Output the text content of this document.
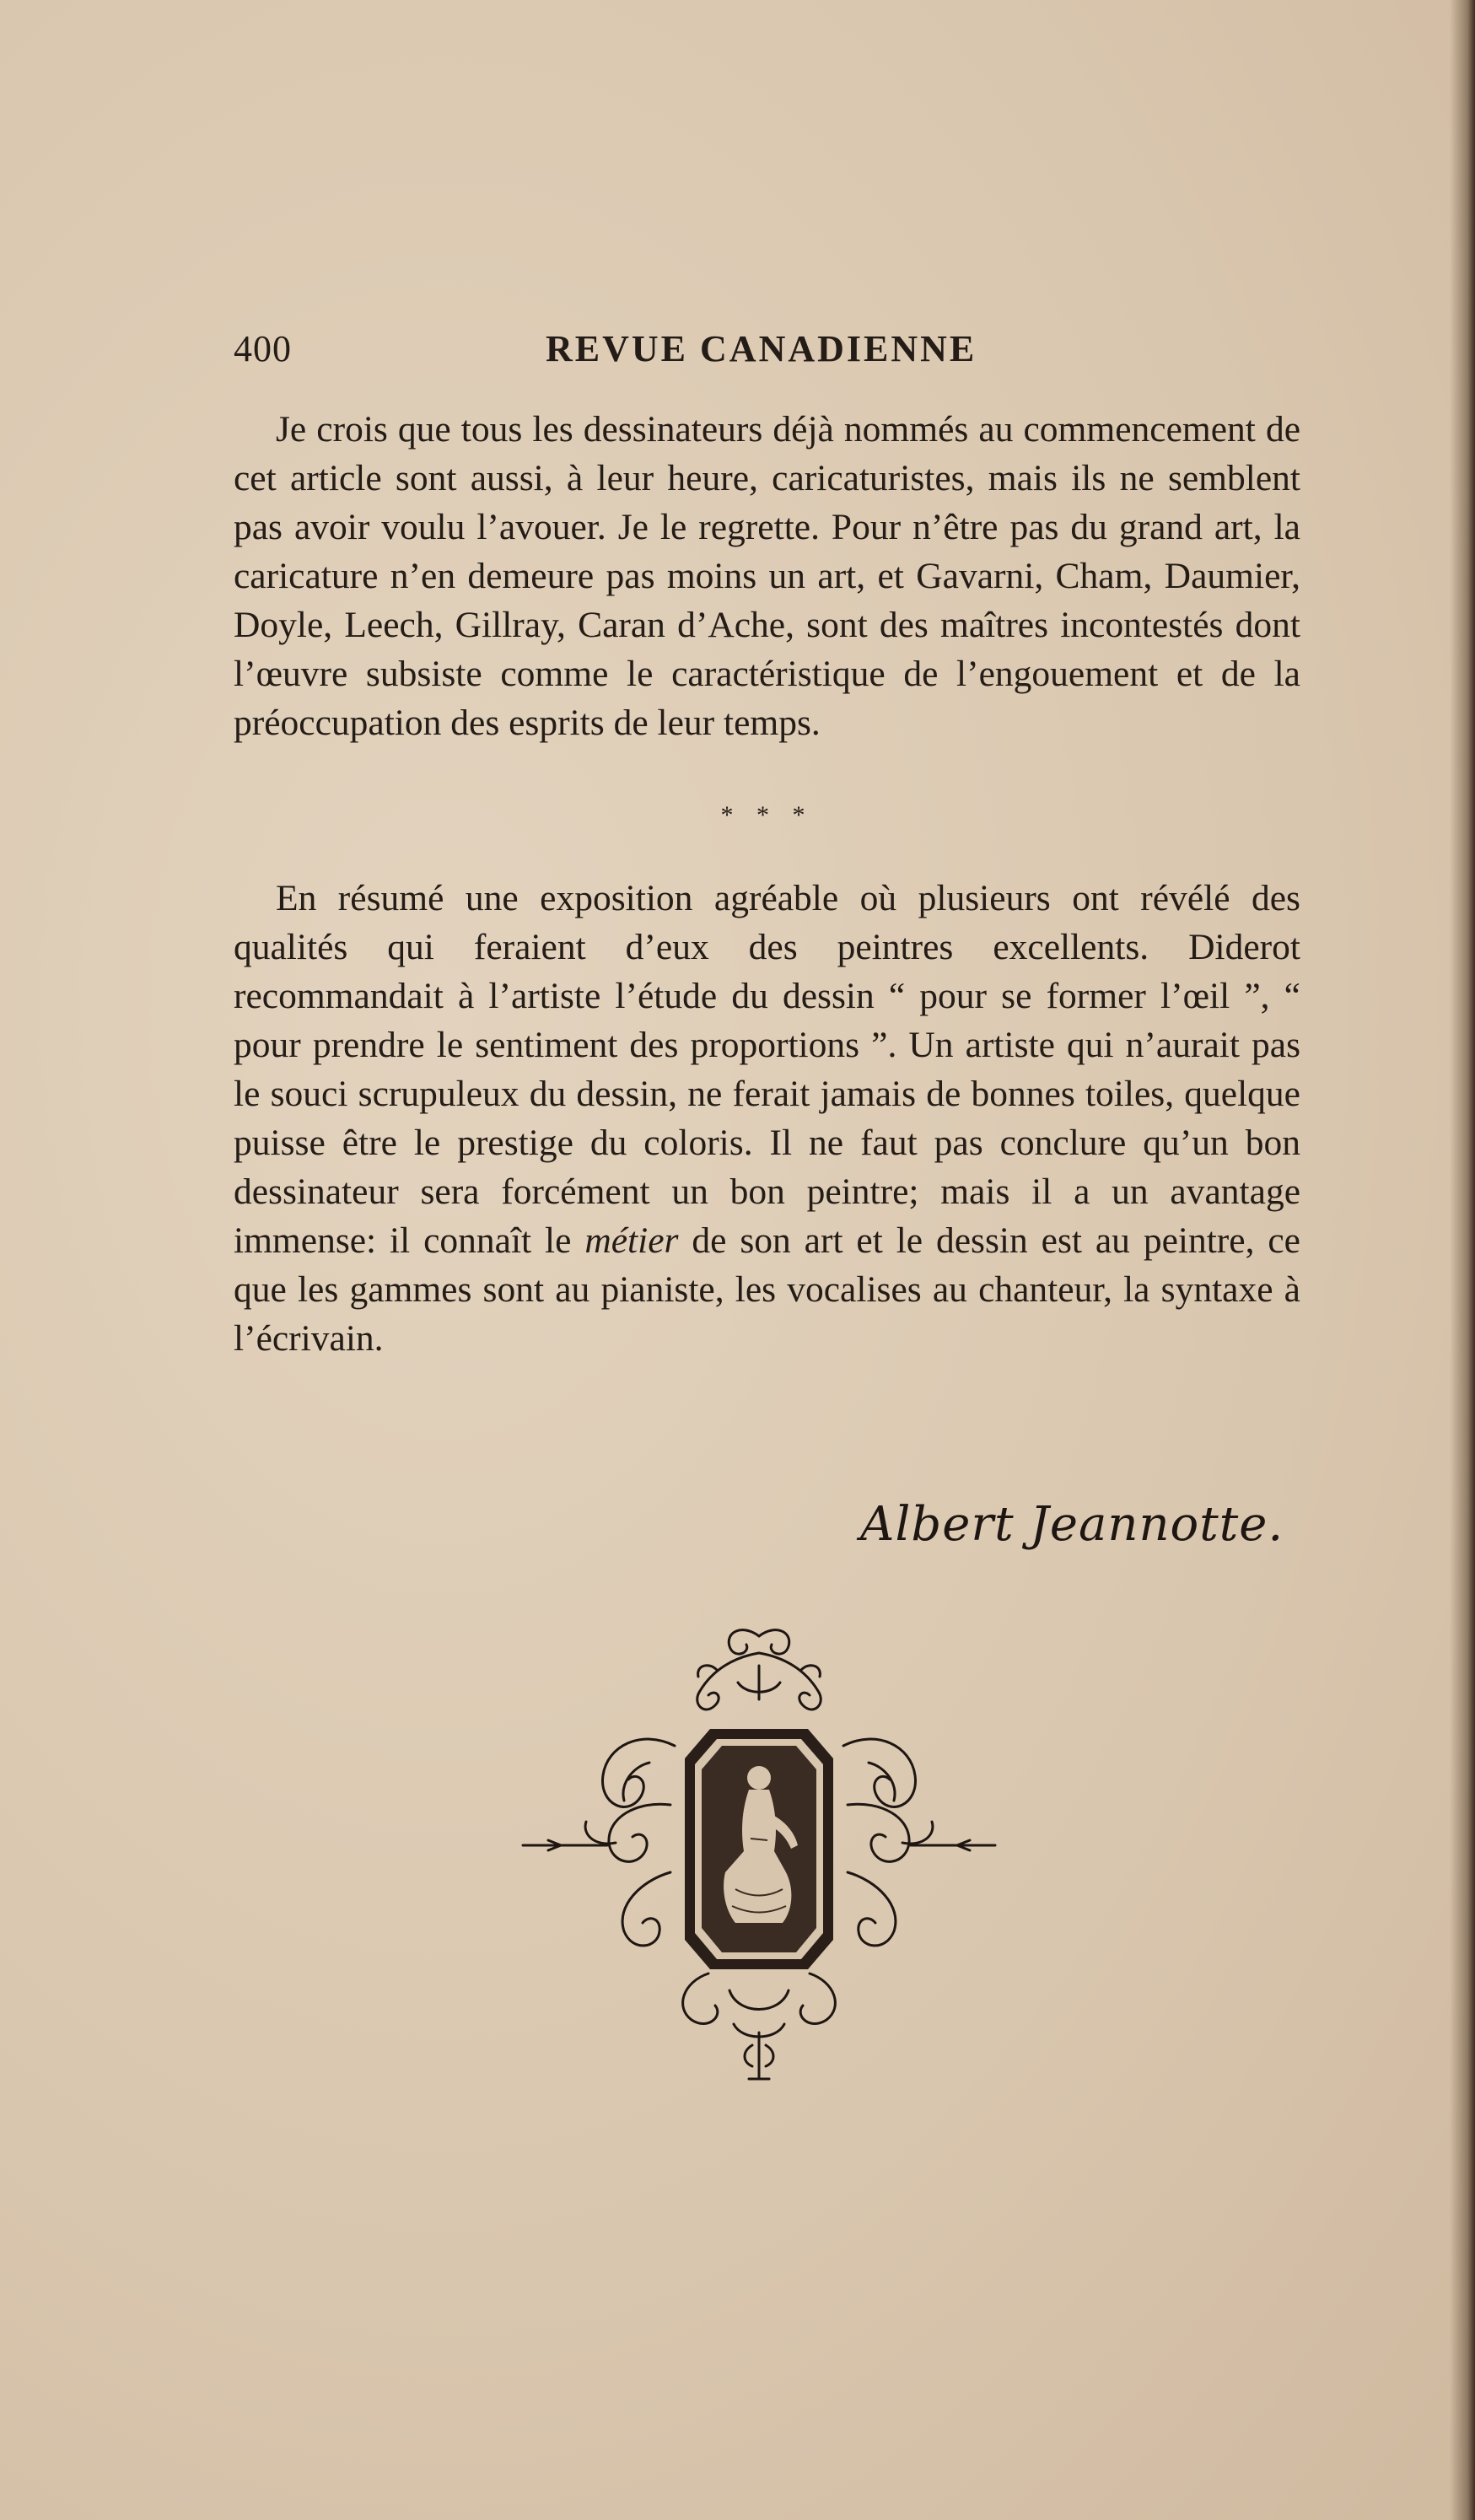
400	REVUE CANADIENNE

Je crois que tous les dessinateurs déjà nommés au commencement de cet article sont aussi, à leur heure, caricaturistes, mais ils ne semblent pas avoir voulu l’avouer. Je le regrette. Pour n’être pas du grand art, la caricature n’en demeure pas moins un art, et Gavarni, Cham, Daumier, Doyle, Leech, Gillray, Caran d’Ache, sont des maîtres incontestés dont l’œuvre subsiste comme le caractéristique de l’engouement et de la préoccupation des esprits de leur temps.

* * *

En résumé une exposition agréable où plusieurs ont révélé des qualités qui feraient d’eux des peintres excellents. Diderot recommandait à l’artiste l’étude du dessin “ pour se former l’œil ”, “ pour prendre le sentiment des proportions ”. Un artiste qui n’aurait pas le souci scrupuleux du dessin, ne ferait jamais de bonnes toiles, quelque puisse être le prestige du coloris. Il ne faut pas conclure qu’un bon dessinateur sera forcément un bon peintre; mais il a un avantage immense: il connaît le métier de son art et le dessin est au peintre, ce que les gammes sont au pianiste, les vocalises au chanteur, la syntaxe à l’écrivain.

Albert Jeannotte.
